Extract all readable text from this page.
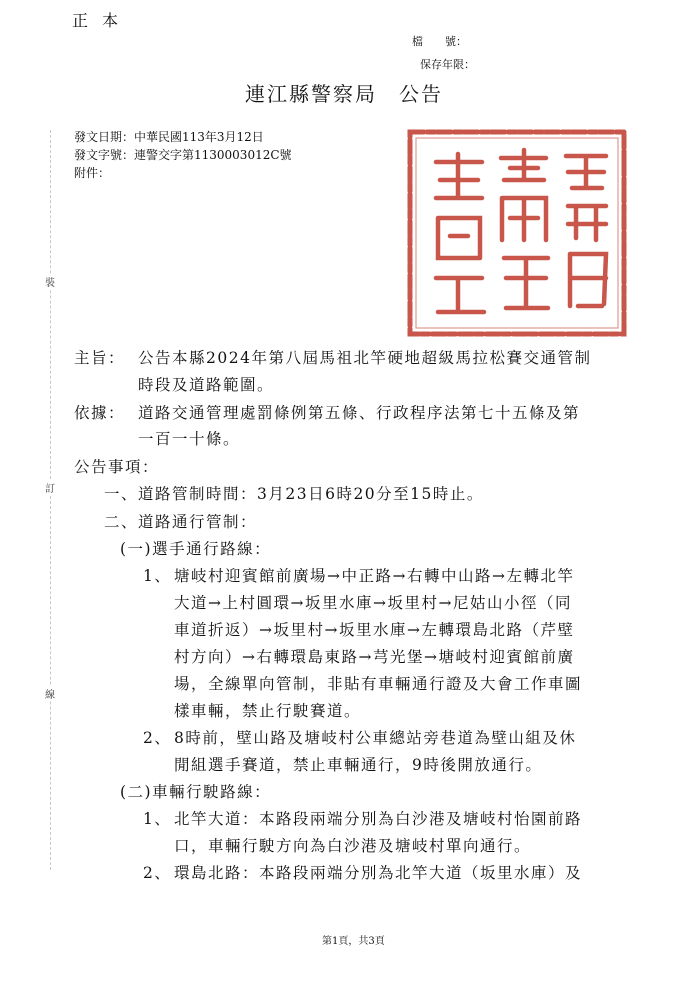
正本
檔　　號：
保存年限：
連江縣警察局　公告
發文日期：中華民國113年3月12日
發文字號：連警交字第1130003012C號
附件：
裝
訂
線
主旨： 公告本縣2024年第八屆馬祖北竿硬地超級馬拉松賽交通管制
時段及道路範圍。
依據： 道路交通管理處罰條例第五條、行政程序法第七十五條及第
一百一十條。
公告事項：
一、道路管制時間：3月23日6時20分至15時止。
二、道路通行管制：
(一)選手通行路線：
1、 塘岐村迎賓館前廣場→中正路→右轉中山路→左轉北竿
大道→上村圓環→坂里水庫→坂里村→尼姑山小徑（同
車道折返）→坂里村→坂里水庫→左轉環島北路（芹壁
村方向）→右轉環島東路→芎光堡→塘岐村迎賓館前廣
場，全線單向管制，非貼有車輛通行證及大會工作車圖
樣車輛，禁止行駛賽道。
2、 8時前，壁山路及塘岐村公車總站旁巷道為壁山組及休
閒組選手賽道，禁止車輛通行，9時後開放通行。
(二)車輛行駛路線：
1、 北竿大道：本路段兩端分別為白沙港及塘岐村怡園前路
口，車輛行駛方向為白沙港及塘岐村單向通行。
2、 環島北路：本路段兩端分別為北竿大道（坂里水庫）及
第1頁，共3頁
